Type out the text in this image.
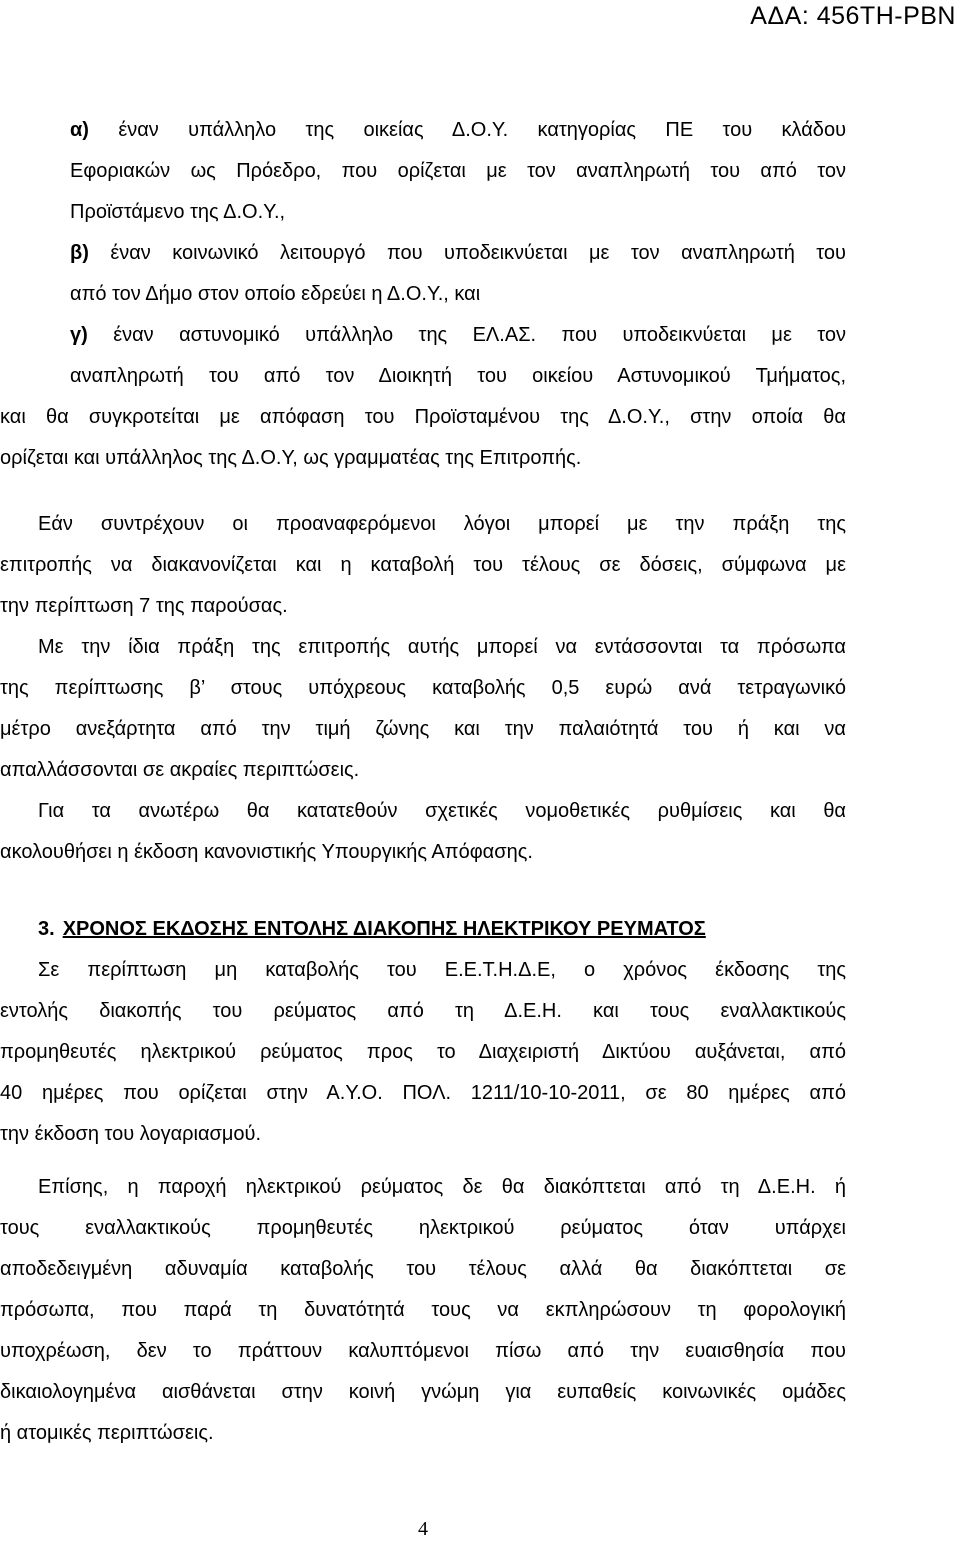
ΑΔΑ: 456ΤΗ-ΡΒΝ
α) έναν υπάλληλο της οικείας Δ.Ο.Υ. κατηγορίας ΠΕ του κλάδου
Εφοριακών ως Πρόεδρο, που ορίζεται με τον αναπληρωτή του από τον
Προϊστάμενο της Δ.Ο.Υ.,
β) έναν κοινωνικό λειτουργό που υποδεικνύεται με τον αναπληρωτή του
από τον Δήμο στον οποίο εδρεύει η Δ.Ο.Υ., και
γ) έναν αστυνομικό υπάλληλο της ΕΛ.ΑΣ. που υποδεικνύεται με τον
αναπληρωτή του από τον Διοικητή του οικείου Αστυνομικού Τμήματος,
και θα συγκροτείται με απόφαση του Προϊσταμένου της Δ.Ο.Υ., στην οποία θα
ορίζεται και υπάλληλος της Δ.Ο.Υ, ως γραμματέας της Επιτροπής.
Εάν συντρέχουν οι προαναφερόμενοι λόγοι μπορεί με την πράξη της
επιτροπής να διακανονίζεται και η καταβολή του τέλους σε δόσεις, σύμφωνα με
την περίπτωση 7 της παρούσας.
Με την ίδια πράξη της επιτροπής αυτής μπορεί να εντάσσονται τα πρόσωπα
της περίπτωσης β’ στους υπόχρεους καταβολής 0,5 ευρώ ανά τετραγωνικό
μέτρο ανεξάρτητα από την τιμή ζώνης και την παλαιότητά του ή και να
απαλλάσσονται σε ακραίες περιπτώσεις.
Για τα ανωτέρω θα κατατεθούν σχετικές νομοθετικές ρυθμίσεις και θα
ακολουθήσει η έκδοση κανονιστικής Υπουργικής Απόφασης.
3. ΧΡΟΝΟΣ ΕΚΔΟΣΗΣ ΕΝΤΟΛΗΣ ΔΙΑΚΟΠΗΣ ΗΛΕΚΤΡΙΚΟΥ ΡΕΥΜΑΤΟΣ
Σε περίπτωση μη καταβολής του Ε.Ε.Τ.Η.Δ.Ε, ο χρόνος έκδοσης της
εντολής διακοπής του ρεύματος από τη Δ.Ε.Η. και τους εναλλακτικούς
προμηθευτές ηλεκτρικού ρεύματος προς το Διαχειριστή Δικτύου αυξάνεται, από
40 ημέρες που ορίζεται στην Α.Υ.Ο. ΠΟΛ. 1211/10-10-2011, σε 80 ημέρες από
την έκδοση του λογαριασμού.
Επίσης, η παροχή ηλεκτρικού ρεύματος δε θα διακόπτεται από τη Δ.Ε.Η. ή
τους εναλλακτικούς προμηθευτές ηλεκτρικού ρεύματος όταν υπάρχει
αποδεδειγμένη αδυναμία καταβολής του τέλους αλλά θα διακόπτεται σε
πρόσωπα, που παρά τη δυνατότητά τους να εκπληρώσουν τη φορολογική
υποχρέωση, δεν το πράττουν καλυπτόμενοι πίσω από την ευαισθησία που
δικαιολογημένα αισθάνεται στην κοινή γνώμη για ευπαθείς κοινωνικές ομάδες
ή ατομικές περιπτώσεις.
4
